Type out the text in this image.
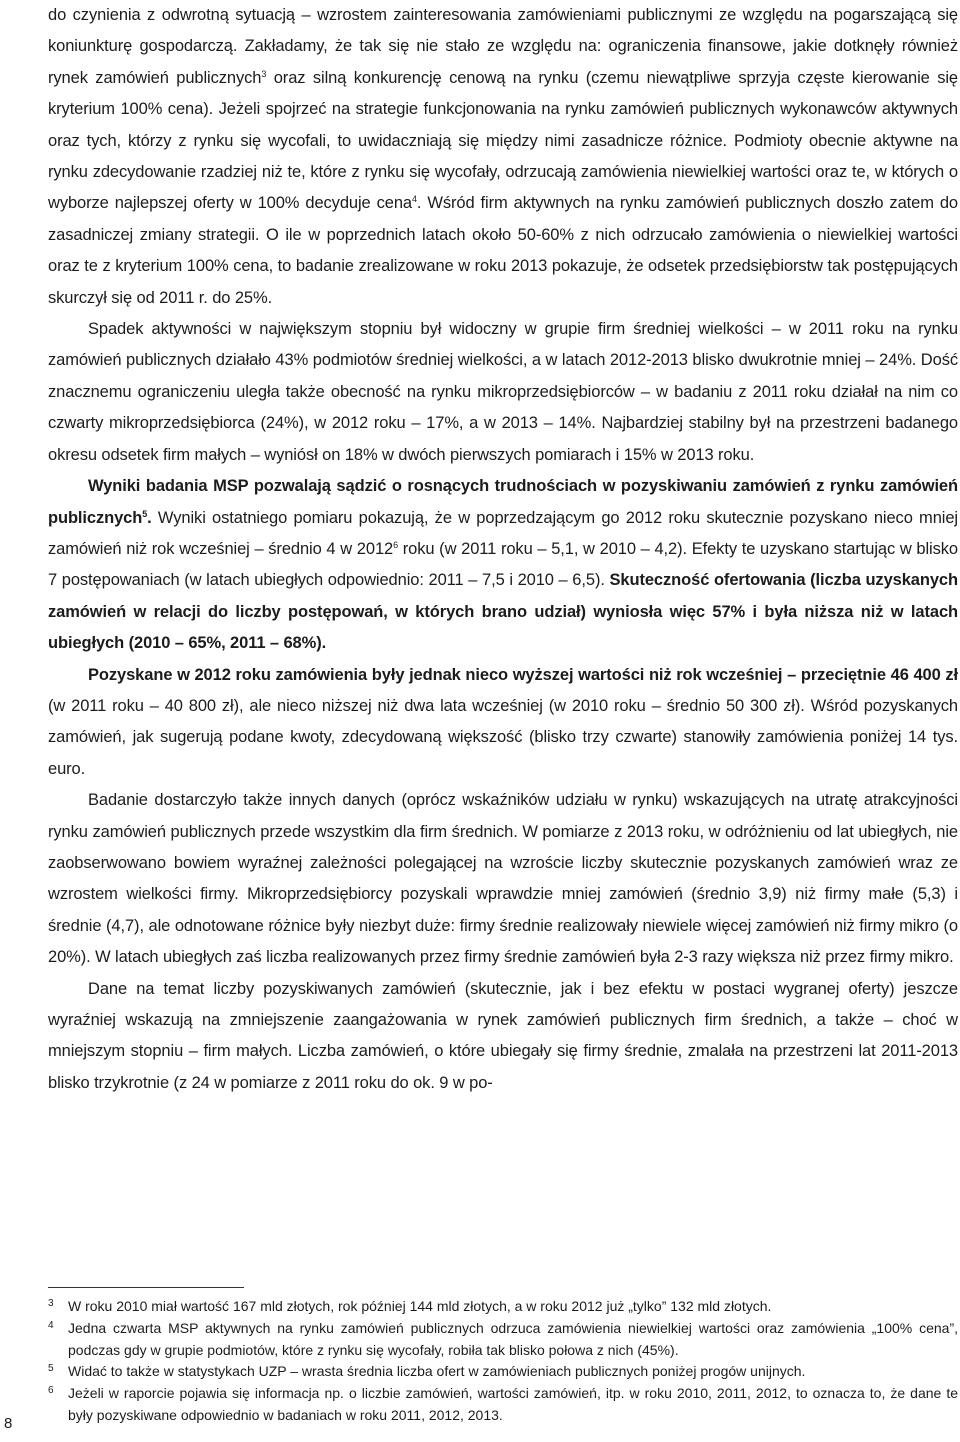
do czynienia z odwrotną sytuacją – wzrostem zainteresowania zamówieniami publicznymi ze względu na pogarszającą się koniunkturę gospodarczą. Zakładamy, że tak się nie stało ze względu na: ograniczenia finansowe, jakie dotknęły również rynek zamówień publicznych$^3$ oraz silną konkurencję cenową na rynku (czemu niewątpliwe sprzyja częste kierowanie się kryterium 100% cena). Jeżeli spojrzeć na strategie funkcjonowania na rynku zamówień publicznych wykonawców aktywnych oraz tych, którzy z rynku się wycofali, to uwidaczniają się między nimi zasadnicze różnice. Podmioty obecnie aktywne na rynku zdecydowanie rzadziej niż te, które z rynku się wycofały, odrzucają zamówienia niewielkiej wartości oraz te, w których o wyborze najlepszej oferty w 100% decyduje cena$^4$. Wśród firm aktywnych na rynku zamówień publicznych doszło zatem do zasadniczej zmiany strategii. O ile w poprzednich latach około 50-60% z nich odrzucało zamówienia o niewielkiej wartości oraz te z kryterium 100% cena, to badanie zrealizowane w roku 2013 pokazuje, że odsetek przedsiębiorstw tak postępujących skurczył się od 2011 r. do 25%.

Spadek aktywności w największym stopniu był widoczny w grupie firm średniej wielkości – w 2011 roku na rynku zamówień publicznych działało 43% podmiotów średniej wielkości, a w latach 2012-2013 blisko dwukrotnie mniej – 24%. Dość znacznemu ograniczeniu uległa także obecność na rynku mikroprzedsiębiorców – w badaniu z 2011 roku działał na nim co czwarty mikroprzedsiębiorca (24%), w 2012 roku – 17%, a w 2013 – 14%. Najbardziej stabilny był na przestrzeni badanego okresu odsetek firm małych – wyniósł on 18% w dwóch pierwszych pomiarach i 15% w 2013 roku.

Wyniki badania MSP pozwalają sądzić o rosnących trudnościach w pozyskiwaniu zamówień z rynku zamówień publicznych$^5$. Wyniki ostatniego pomiaru pokazują, że w poprzedzającym go 2012 roku skutecznie pozyskano nieco mniej zamówień niż rok wcześniej – średnio 4 w 2012$^6$ roku (w 2011 roku – 5,1, w 2010 – 4,2). Efekty te uzyskano startując w blisko 7 postępowaniach (w latach ubiegłych odpowiednio: 2011 – 7,5 i 2010 – 6,5). Skuteczność ofertowania (liczba uzyskanych zamówień w relacji do liczby postępowań, w których brano udział) wyniosła więc 57% i była niższa niż w latach ubiegłych (2010 – 65%, 2011 – 68%).

Pozyskane w 2012 roku zamówienia były jednak nieco wyższej wartości niż rok wcześniej – przeciętnie 46 400 zł (w 2011 roku – 40 800 zł), ale nieco niższej niż dwa lata wcześniej (w 2010 roku – średnio 50 300 zł). Wśród pozyskanych zamówień, jak sugerują podane kwoty, zdecydowaną większość (blisko trzy czwarte) stanowiły zamówienia poniżej 14 tys. euro.

Badanie dostarczyło także innych danych (oprócz wskaźników udziału w rynku) wskazujących na utratę atrakcyjności rynku zamówień publicznych przede wszystkim dla firm średnich. W pomiarze z 2013 roku, w odróżnieniu od lat ubiegłych, nie zaobserwowano bowiem wyraźnej zależności polegającej na wzroście liczby skutecznie pozyskanych zamówień wraz ze wzrostem wielkości firmy. Mikroprzedsiębiorcy pozyskali wprawdzie mniej zamówień (średnio 3,9) niż firmy małe (5,3) i średnie (4,7), ale odnotowane różnice były niezbyt duże: firmy średnie realizowały niewiele więcej zamówień niż firmy mikro (o 20%). W latach ubiegłych zaś liczba realizowanych przez firmy średnie zamówień była 2-3 razy większa niż przez firmy mikro.

Dane na temat liczby pozyskiwanych zamówień (skutecznie, jak i bez efektu w postaci wygranej oferty) jeszcze wyraźniej wskazują na zmniejszenie zaangażowania w rynek zamówień publicznych firm średnich, a także – choć w mniejszym stopniu – firm małych. Liczba zamówień, o które ubiegały się firmy średnie, zmalała na przestrzeni lat 2011-2013 blisko trzykrotnie (z 24 w pomiarze z 2011 roku do ok. 9 w po-

3 W roku 2010 miał wartość 167 mld złotych, rok później 144 mld złotych, a w roku 2012 już „tylko” 132 mld złotych.

4 Jedna czwarta MSP aktywnych na rynku zamówień publicznych odrzuca zamówienia niewielkiej wartości oraz zamówienia „100% cena”, podczas gdy w grupie podmiotów, które z rynku się wycofały, robiła tak blisko połowa z nich (45%).

5 Widać to także w statystykach UZP – wrasta średnia liczba ofert w zamówieniach publicznych poniżej progów unijnych.

6 Jeżeli w raporcie pojawia się informacja np. o liczbie zamówień, wartości zamówień, itp. w roku 2010, 2011, 2012, to oznacza to, że dane te były pozyskiwane odpowiednio w badaniach w roku 2011, 2012, 2013.

8
